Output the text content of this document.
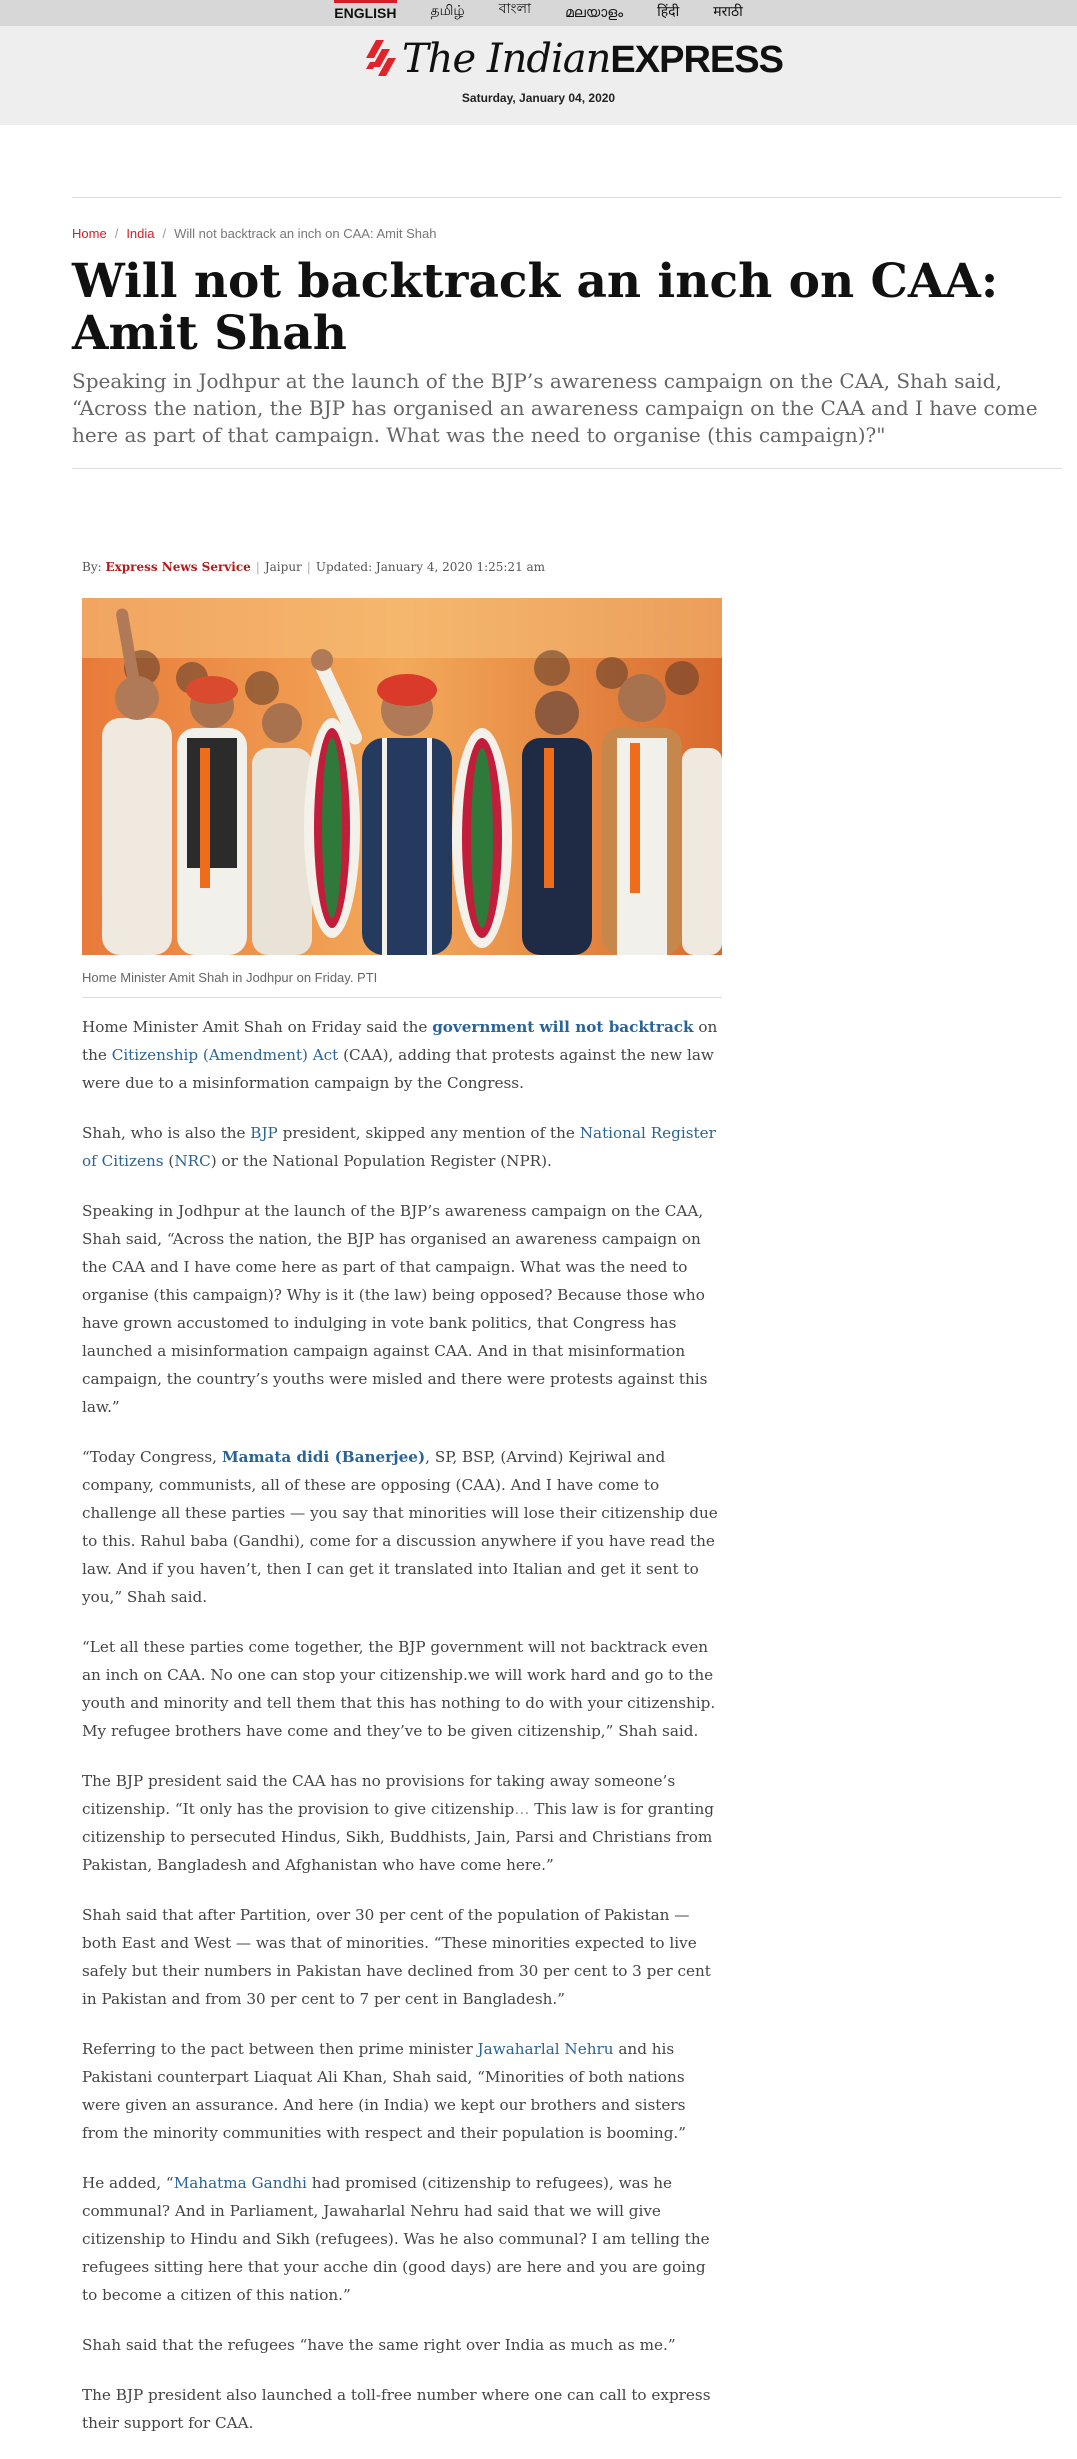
ENGLISH தமிழ் বাংলা മലയാളം हिंदी मराठी
The IndianEXPRESS
Saturday, January 04, 2020
Home / India / Will not backtrack an inch on CAA: Amit Shah
Will not backtrack an inch on CAA: Amit Shah
Speaking in Jodhpur at the launch of the BJP’s awareness campaign on the CAA, Shah said, “Across the nation, the BJP has organised an awareness campaign on the CAA and I have come here as part of that campaign. What was the need to organise (this campaign)?"
By: Express News Service | Jaipur | Updated: January 4, 2020 1:25:21 am
Home Minister Amit Shah in Jodhpur on Friday. PTI

Home Minister Amit Shah on Friday said the government will not backtrack on the Citizenship (Amendment) Act (CAA), adding that protests against the new law were due to a misinformation campaign by the Congress.

Shah, who is also the BJP president, skipped any mention of the National Register of Citizens (NRC) or the National Population Register (NPR).

Speaking in Jodhpur at the launch of the BJP’s awareness campaign on the CAA, Shah said, “Across the nation, the BJP has organised an awareness campaign on the CAA and I have come here as part of that campaign. What was the need to organise (this campaign)? Why is it (the law) being opposed? Because those who have grown accustomed to indulging in vote bank politics, that Congress has launched a misinformation campaign against CAA. And in that misinformation campaign, the country’s youths were misled and there were protests against this law.”

“Today Congress, Mamata didi (Banerjee), SP, BSP, (Arvind) Kejriwal and company, communists, all of these are opposing (CAA). And I have come to challenge all these parties — you say that minorities will lose their citizenship due to this. Rahul baba (Gandhi), come for a discussion anywhere if you have read the law. And if you haven’t, then I can get it translated into Italian and get it sent to you,” Shah said.

“Let all these parties come together, the BJP government will not backtrack even an inch on CAA. No one can stop your citizenship.we will work hard and go to the youth and minority and tell them that this has nothing to do with your citizenship. My refugee brothers have come and they’ve to be given citizenship,” Shah said.

The BJP president said the CAA has no provisions for taking away someone’s citizenship. “It only has the provision to give citizenship… This law is for granting citizenship to persecuted Hindus, Sikh, Buddhists, Jain, Parsi and Christians from Pakistan, Bangladesh and Afghanistan who have come here.”

Shah said that after Partition, over 30 per cent of the population of Pakistan — both East and West — was that of minorities. “These minorities expected to live safely but their numbers in Pakistan have declined from 30 per cent to 3 per cent in Pakistan and from 30 per cent to 7 per cent in Bangladesh.”

Referring to the pact between then prime minister Jawaharlal Nehru and his Pakistani counterpart Liaquat Ali Khan, Shah said, “Minorities of both nations were given an assurance. And here (in India) we kept our brothers and sisters from the minority communities with respect and their population is booming.”

He added, “Mahatma Gandhi had promised (citizenship to refugees), was he communal? And in Parliament, Jawaharlal Nehru had said that we will give citizenship to Hindu and Sikh (refugees). Was he also communal? I am telling the refugees sitting here that your acche din (good days) are here and you are going to become a citizen of this nation.”

Shah said that the refugees “have the same right over India as much as me.”

The BJP president also launched a toll-free number where one can call to express their support for CAA.
